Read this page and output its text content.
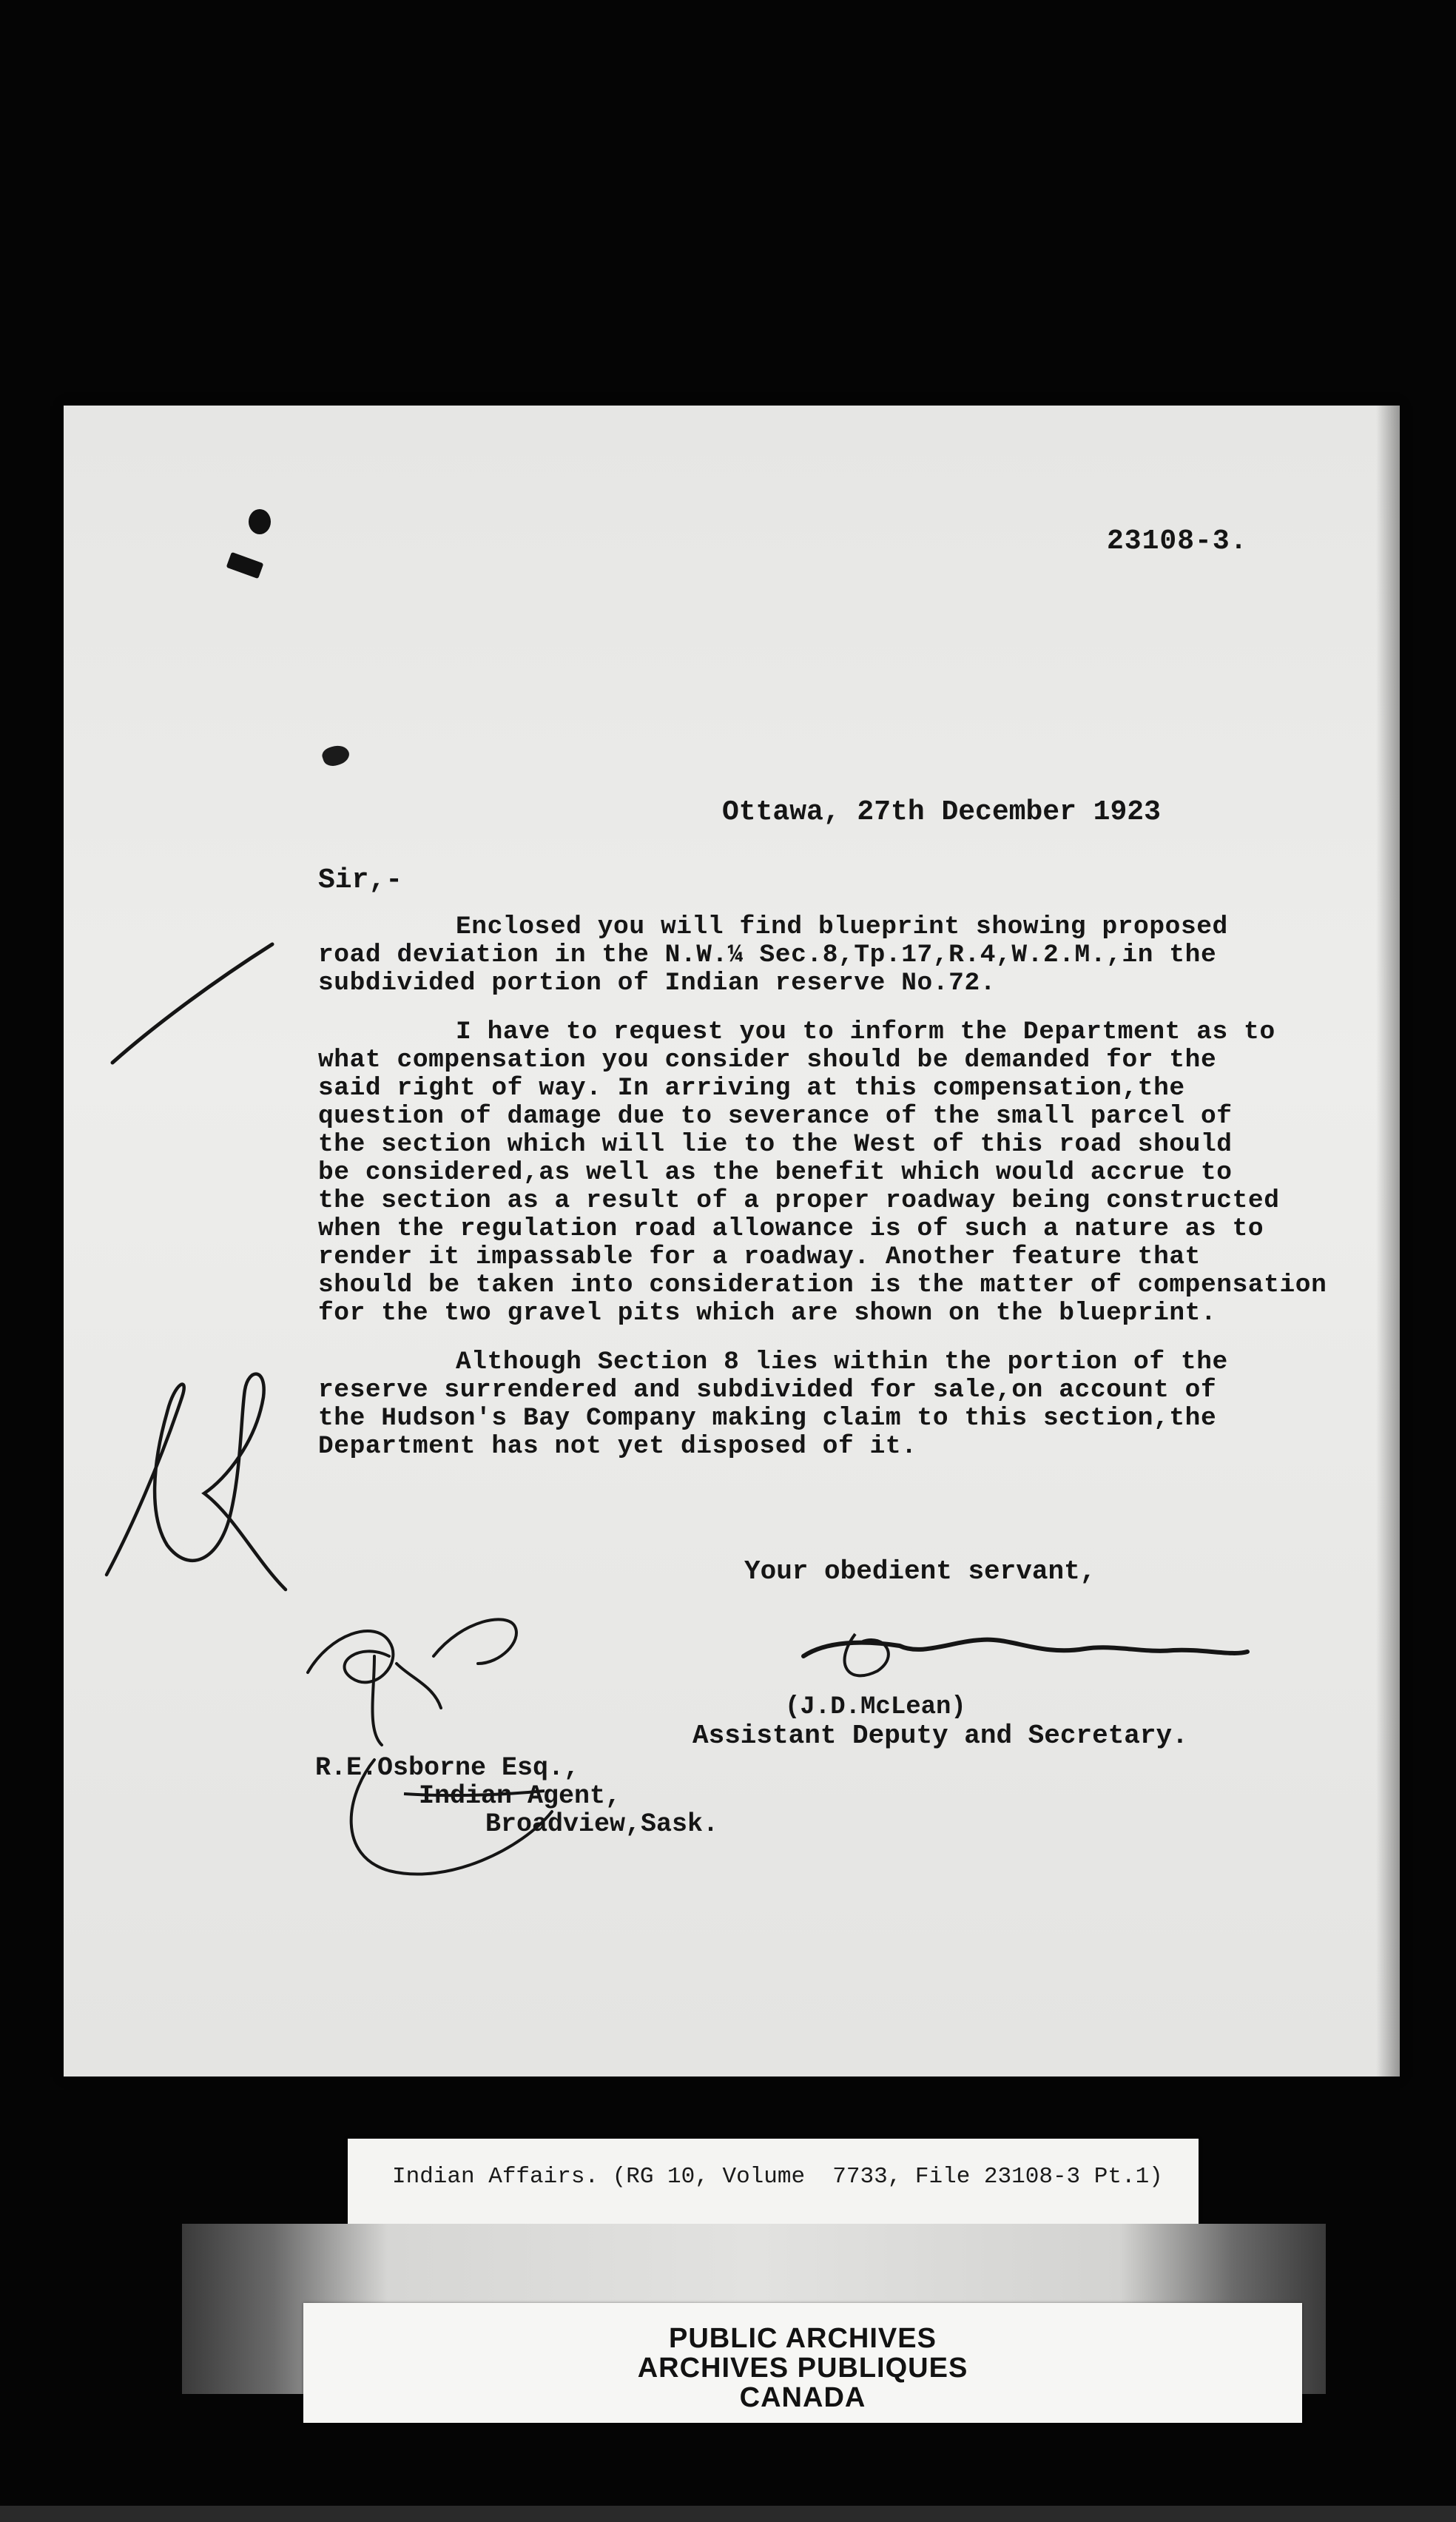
23108-3.
Ottawa, 27th December 1923
Sir,-

Enclosed you will find blueprint showing proposed
road deviation in the N.W.¼ Sec.8,Tp.17,R.4,W.2.M.,in the
subdivided portion of Indian reserve No.72.

I have to request you to inform the Department as to
what compensation you consider should be demanded for the
said right of way. In arriving at this compensation,the
question of damage due to severance of the small parcel of
the section which will lie to the West of this road should
be considered,as well as the benefit which would accrue to
the section as a result of a proper roadway being constructed
when the regulation road allowance is of such a nature as to
render it impassable for a roadway. Another feature that
should be taken into consideration is the matter of compensation
for the two gravel pits which are shown on the blueprint.

Although Section 8 lies within the portion of the
reserve surrendered and subdivided for sale,on account of
the Hudson's Bay Company making claim to this section,the
Department has not yet disposed of it.

Your obedient servant,
(J.D.McLean)
Assistant Deputy and Secretary.
R.E.Osborne Esq.,
Indian Agent,
Broadview,Sask.
Indian Affairs. (RG 10, Volume  7733, File 23108-3 Pt.1)
PUBLIC ARCHIVES
ARCHIVES PUBLIQUES
CANADA
